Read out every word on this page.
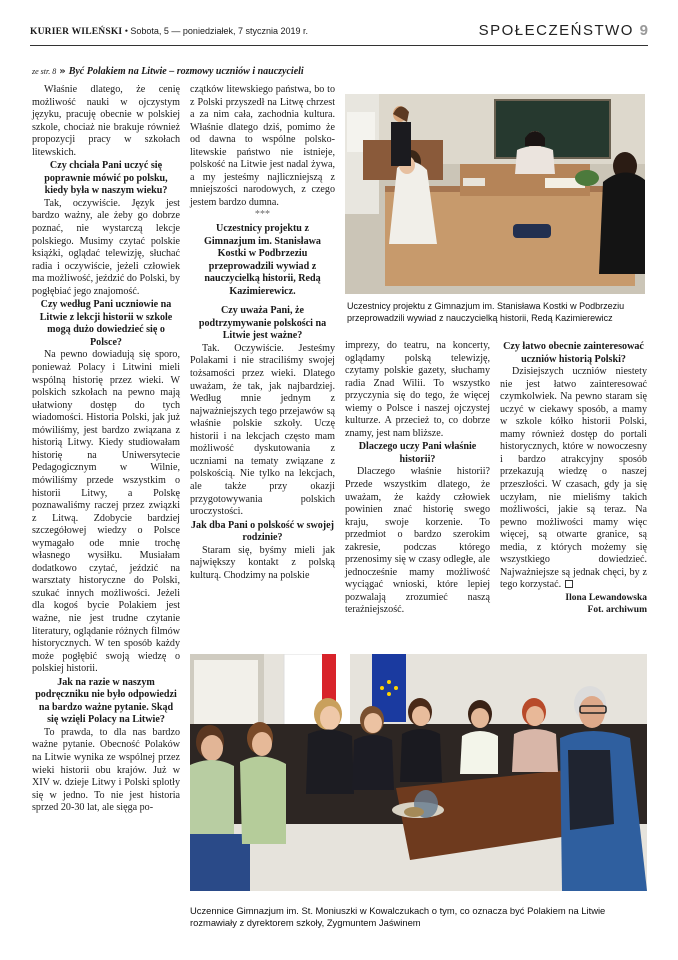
KURIER WILEŃSKI • Sobota, 5 — poniedziałek, 7 stycznia 2019 r.	SPOŁECZEŃSTWO 9
ze str. 8 » Być Polakiem na Litwie – rozmowy uczniów i nauczycieli

Właśnie dlatego, że cenię możliwość nauki w ojczystym języku, pracuję obecnie w polskiej szkole, chociaż nie brakuje również propozycji pracy w szkołach litewskich.

Czy chciała Pani uczyć się poprawnie mówić po polsku, kiedy była w naszym wieku?

Tak, oczywiście. Język jest bardzo ważny, ale żeby go dobrze poznać, nie wystarczą lekcje polskiego. Musimy czytać polskie książki, oglądać telewizję, słuchać radia i oczywiście, jeżeli człowiek ma możliwość, jeździć do Polski, by pogłębiać jego znajomość.

Czy według Pani uczniowie na Litwie z lekcji historii w szkole mogą dużo dowiedzieć się o Polsce?

Na pewno dowiadują się sporo, ponieważ Polacy i Litwini mieli wspólną historię przez wieki. W polskich szkołach na pewno mają ułatwiony dostęp do tych wiadomości. Historia Polski, jak już mówiliśmy, jest bardzo związana z historią Litwy. Kiedy studiowałam historię na Uniwersytecie Pedagogicznym w Wilnie, mówiliśmy przede wszystkim o historii Litwy, a Polskę poznawaliśmy raczej przez związki z Litwą. Zdobycie bardziej szczegółowej wiedzy o Polsce wymagało ode mnie trochę własnego wysiłku. Musiałam dodatkowo czytać, jeździć na warsztaty historyczne do Polski, szukać innych możliwości. Jeżeli dla kogoś bycie Polakiem jest ważne, nie jest trudne czytanie literatury, oglądanie różnych filmów historycznych. W ten sposób każdy może pogłębić swoją wiedzę o polskiej historii.

Jak na razie w naszym podręczniku nie było odpowiedzi na bardzo ważne pytanie. Skąd się wzięli Polacy na Litwie?

To prawda, to dla nas bardzo ważne pytanie. Obecność Polaków na Litwie wynika ze wspólnej przez wieki historii obu krajów. Już w XIV w. dzieje Litwy i Polski splotły się w jedno. To nie jest historia sprzed 20-30 lat, ale sięga po-

czątków litewskiego państwa, bo to z Polski przyszedł na Litwę chrzest a za nim cała, zachodnia kultura. Właśnie dlatego dziś, pomimo że od dawna to wspólne polsko-litewskie państwo nie istnieje, polskość na Litwie jest nadal żywa, a my jesteśmy najliczniejszą z mniejszości narodowych, z czego jestem bardzo dumna.

***

Uczestnicy projektu z Gimnazjum im. Stanisława Kostki w Podbrzeziu przeprowadzili wywiad z nauczycielką historii, Redą Kazimierewicz.

Czy uważa Pani, że podtrzymywanie polskości na Litwie jest ważne?

Tak. Oczywiście. Jesteśmy Polakami i nie straciliśmy swojej tożsamości przez wieki. Dlatego uważam, że tak, jak najbardziej. Według mnie jednym z najważniejszych tego przejawów są właśnie polskie szkoły. Uczę historii i na lekcjach często mam możliwość dyskutowania z uczniami na tematy związane z polskością. Nie tylko na lekcjach, ale także przy okazji przygotowywania polskich uroczystości.

Jak dba Pani o polskość w swojej rodzinie?

Staram się, byśmy mieli jak największy kontakt z polską kulturą. Chodzimy na polskie

Uczestnicy projektu z Gimnazjum im. Stanisława Kostki w Podbrzeziu przeprowadzili wywiad z nauczycielką historii, Redą Kazimierewicz

imprezy, do teatru, na koncerty, oglądamy polską telewizję, czytamy polskie gazety, słuchamy radia Znad Wilii. To wszystko przyczynia się do tego, że więcej wiemy o Polsce i naszej ojczystej kulturze. A przecież to, co dobrze znamy, jest nam bliższe.

Dlaczego uczy Pani właśnie historii?

Dlaczego właśnie historii? Przede wszystkim dlatego, że uważam, że każdy człowiek powinien znać historię swego kraju, swoje korzenie. To przedmiot o bardzo szerokim zakresie, podczas którego przenosimy się w czasy odległe, ale jednocześnie mamy możliwość wyciągać wnioski, które lepiej pozwalają zrozumieć naszą teraźniejszość.

Czy łatwo obecnie zainteresować uczniów historią Polski?

Dzisiejszych uczniów niestety nie jest łatwo zainteresować czymkolwiek. Na pewno staram się uczyć w ciekawy sposób, a mamy w szkole kółko historii Polski, mamy również dostęp do portali historycznych, które w nowoczesny i bardzo atrakcyjny sposób przekazują wiedzę o naszej przeszłości. W czasach, gdy ja się uczyłam, nie mieliśmy takich możliwości, jakie są teraz. Na pewno możliwości mamy więc więcej, są otwarte granice, są media, z których możemy się wszystkiego dowiedzieć. Najważniejsze są jednak chęci, by z tego korzystać.

Ilona Lewandowska

Fot. archiwum

Uczennice Gimnazjum im. St. Moniuszki w Kowalczukach o tym, co oznacza być Polakiem na Litwie rozmawiały z dyrektorem szkoły, Zygmuntem Jaświnem
